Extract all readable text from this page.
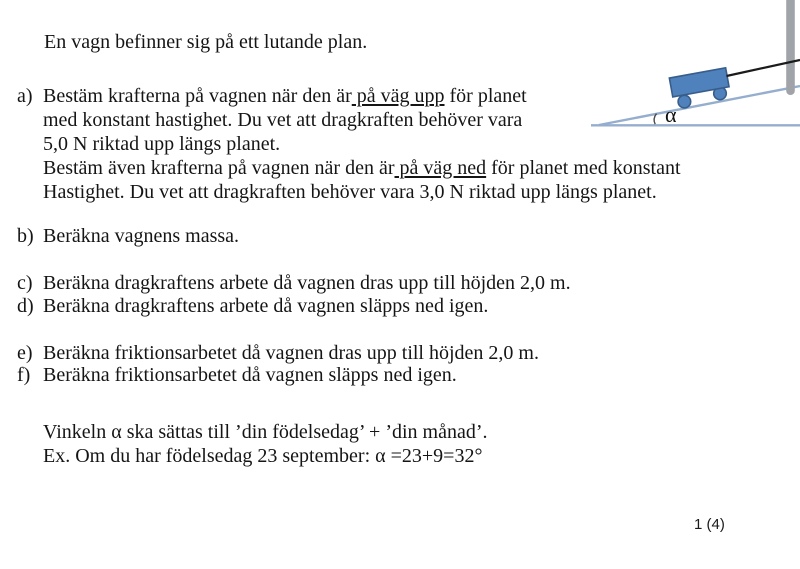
En vagn befinner sig på ett lutande plan.
a) Bestäm krafterna på vagnen när den är på väg upp för planet
med konstant hastighet. Du vet att dragkraften behöver vara
5,0 N riktad upp längs planet.
Bestäm även krafterna på vagnen när den är på väg ned för planet med konstant
Hastighet. Du vet att dragkraften behöver vara 3,0 N riktad upp längs planet.
b) Beräkna vagnens massa.
c) Beräkna dragkraftens arbete då vagnen dras upp till höjden 2,0 m.
d) Beräkna dragkraftens arbete då vagnen släpps ned igen.
e) Beräkna friktionsarbetet då vagnen dras upp till höjden 2,0 m.
f) Beräkna friktionsarbetet då vagnen släpps ned igen.
Vinkeln α ska sättas till ’din födelsedag’ + ’din månad’.
Ex. Om du har födelsedag 23 september: α =23+9=32°
1 (4)
α
